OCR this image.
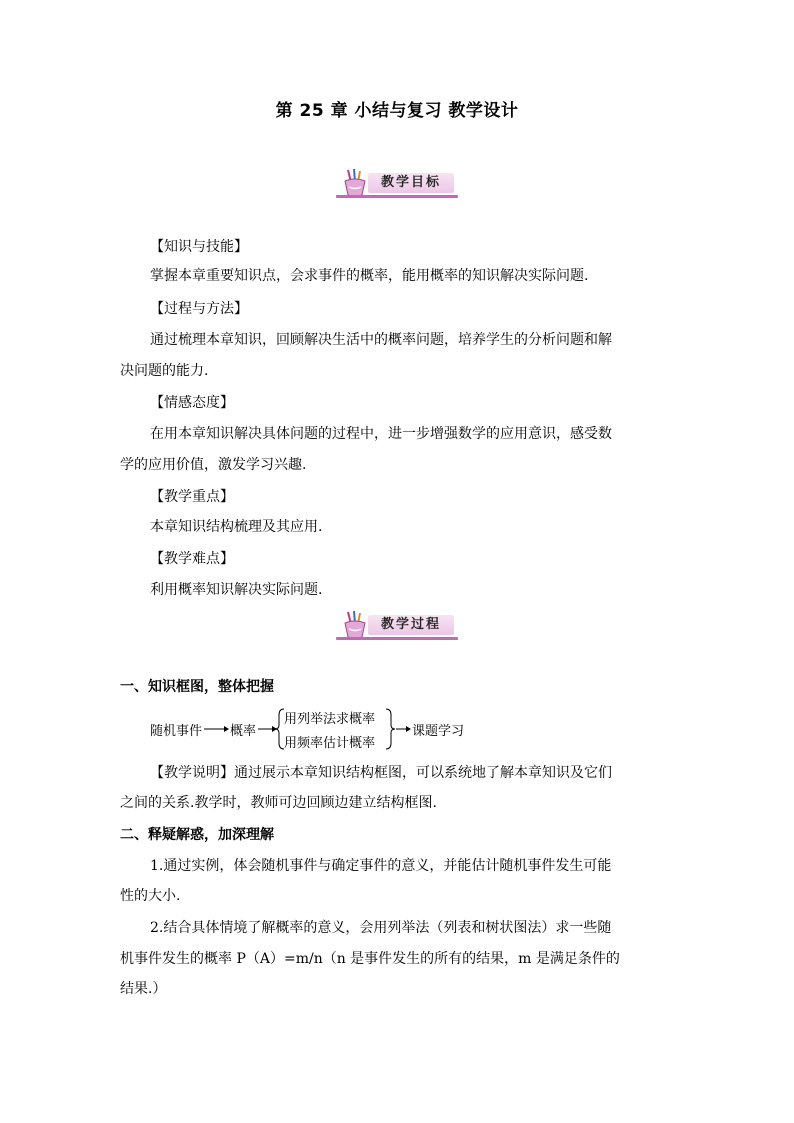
第 25 章 小结与复习 教学设计
教学目标
【知识与技能】
掌握本章重要知识点，会求事件的概率，能用概率的知识解决实际问题.
【过程与方法】
通过梳理本章知识，回顾解决生活中的概率问题，培养学生的分析问题和解
决问题的能力.
【情感态度】
在用本章知识解决具体问题的过程中，进一步增强数学的应用意识，感受数
学的应用价值，激发学习兴趣.
【教学重点】
本章知识结构梳理及其应用.
【教学难点】
利用概率知识解决实际问题.
教学过程
一、知识框图，整体把握
随机事件 概率
用列举法求概率
用频率估计概率
课题学习
【教学说明】通过展示本章知识结构框图，可以系统地了解本章知识及它们
之间的关系.教学时，教师可边回顾边建立结构框图.
二、释疑解惑，加深理解
1.通过实例，体会随机事件与确定事件的意义，并能估计随机事件发生可能
性的大小.
2.结合具体情境了解概率的意义，会用列举法（列表和树状图法）求一些随
机事件发生的概率 P（A）=m/n（n 是事件发生的所有的结果，m 是满足条件的
结果.）
